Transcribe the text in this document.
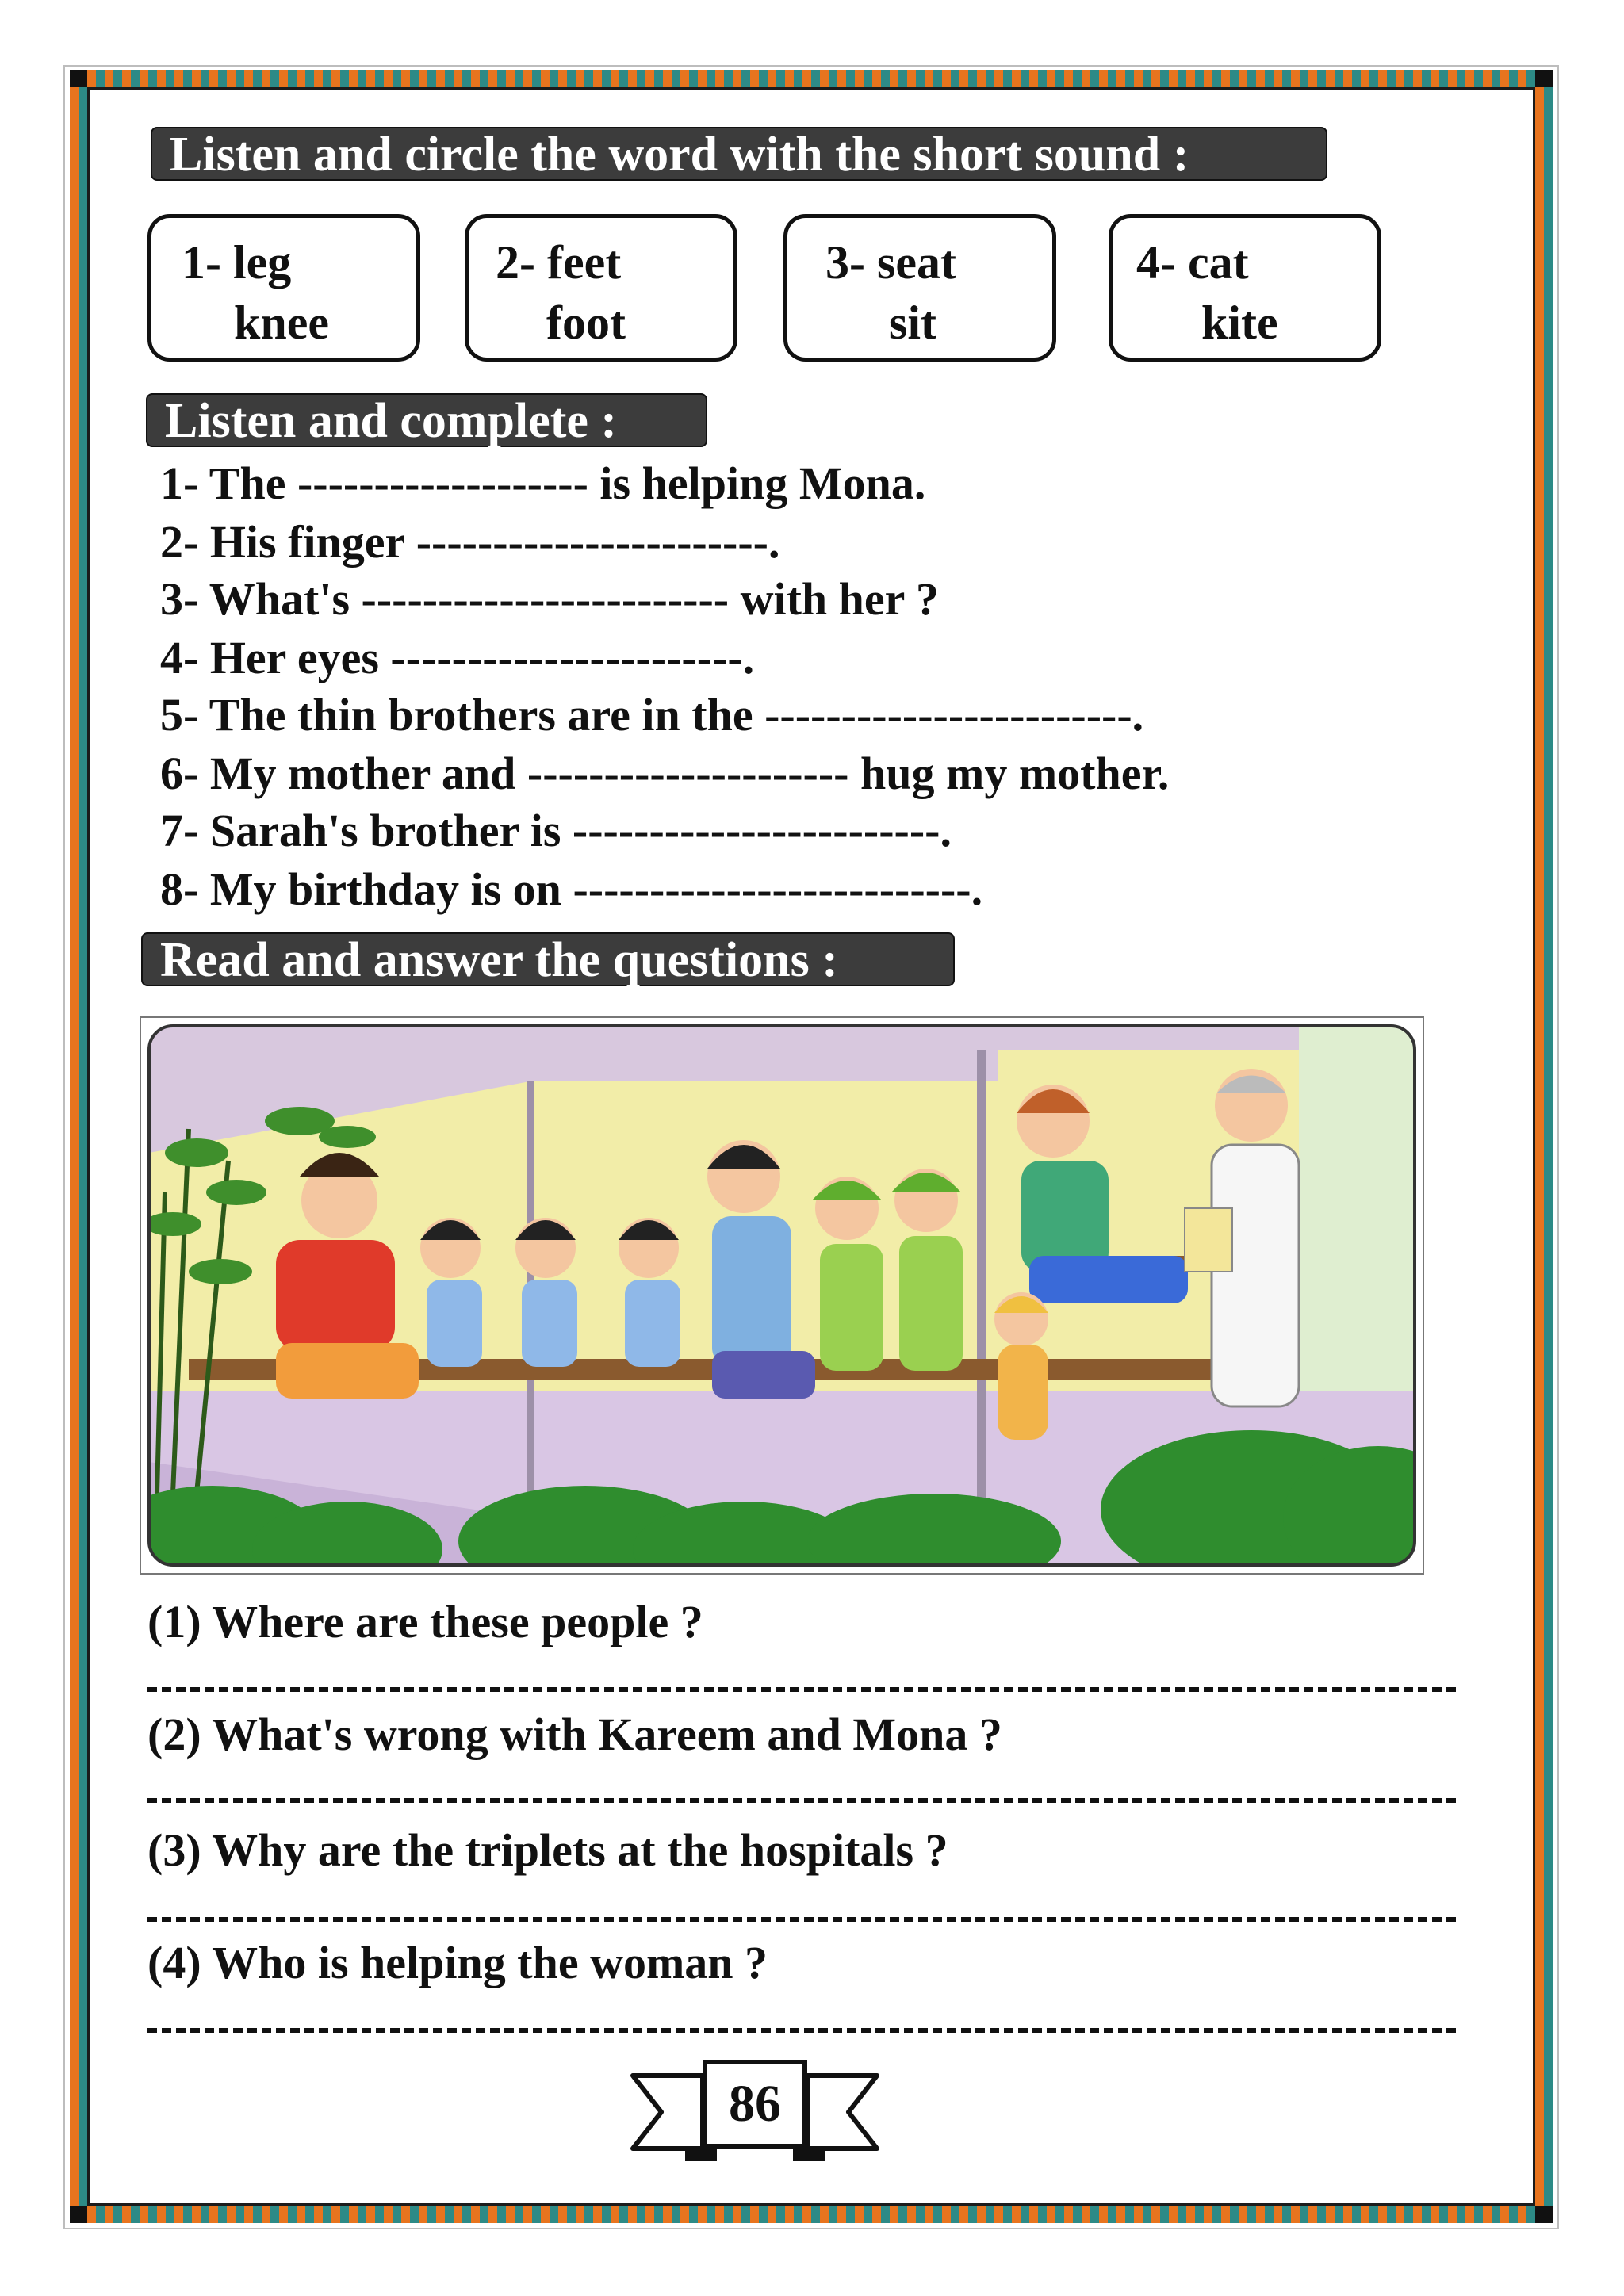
Listen and circle the word with the short sound :
1- leg
knee
2- feet
foot
3- seat
sit
4- cat
kite
Listen and complete :
1- The ------------------- is helping Mona.
2- His finger -----------------------.
3- What's ------------------------ with her ?
4- Her eyes -----------------------.
5- The thin brothers are in the ------------------------.
6- My mother and --------------------- hug my mother.
7- Sarah's brother is ------------------------.
8- My birthday is on --------------------------.
Read and answer the questions :
(1) Where are these people ?
(2) What's wrong with Kareem and Mona ?
(3) Why are the triplets at the hospitals ?
(4) Who is helping the woman ?
86
